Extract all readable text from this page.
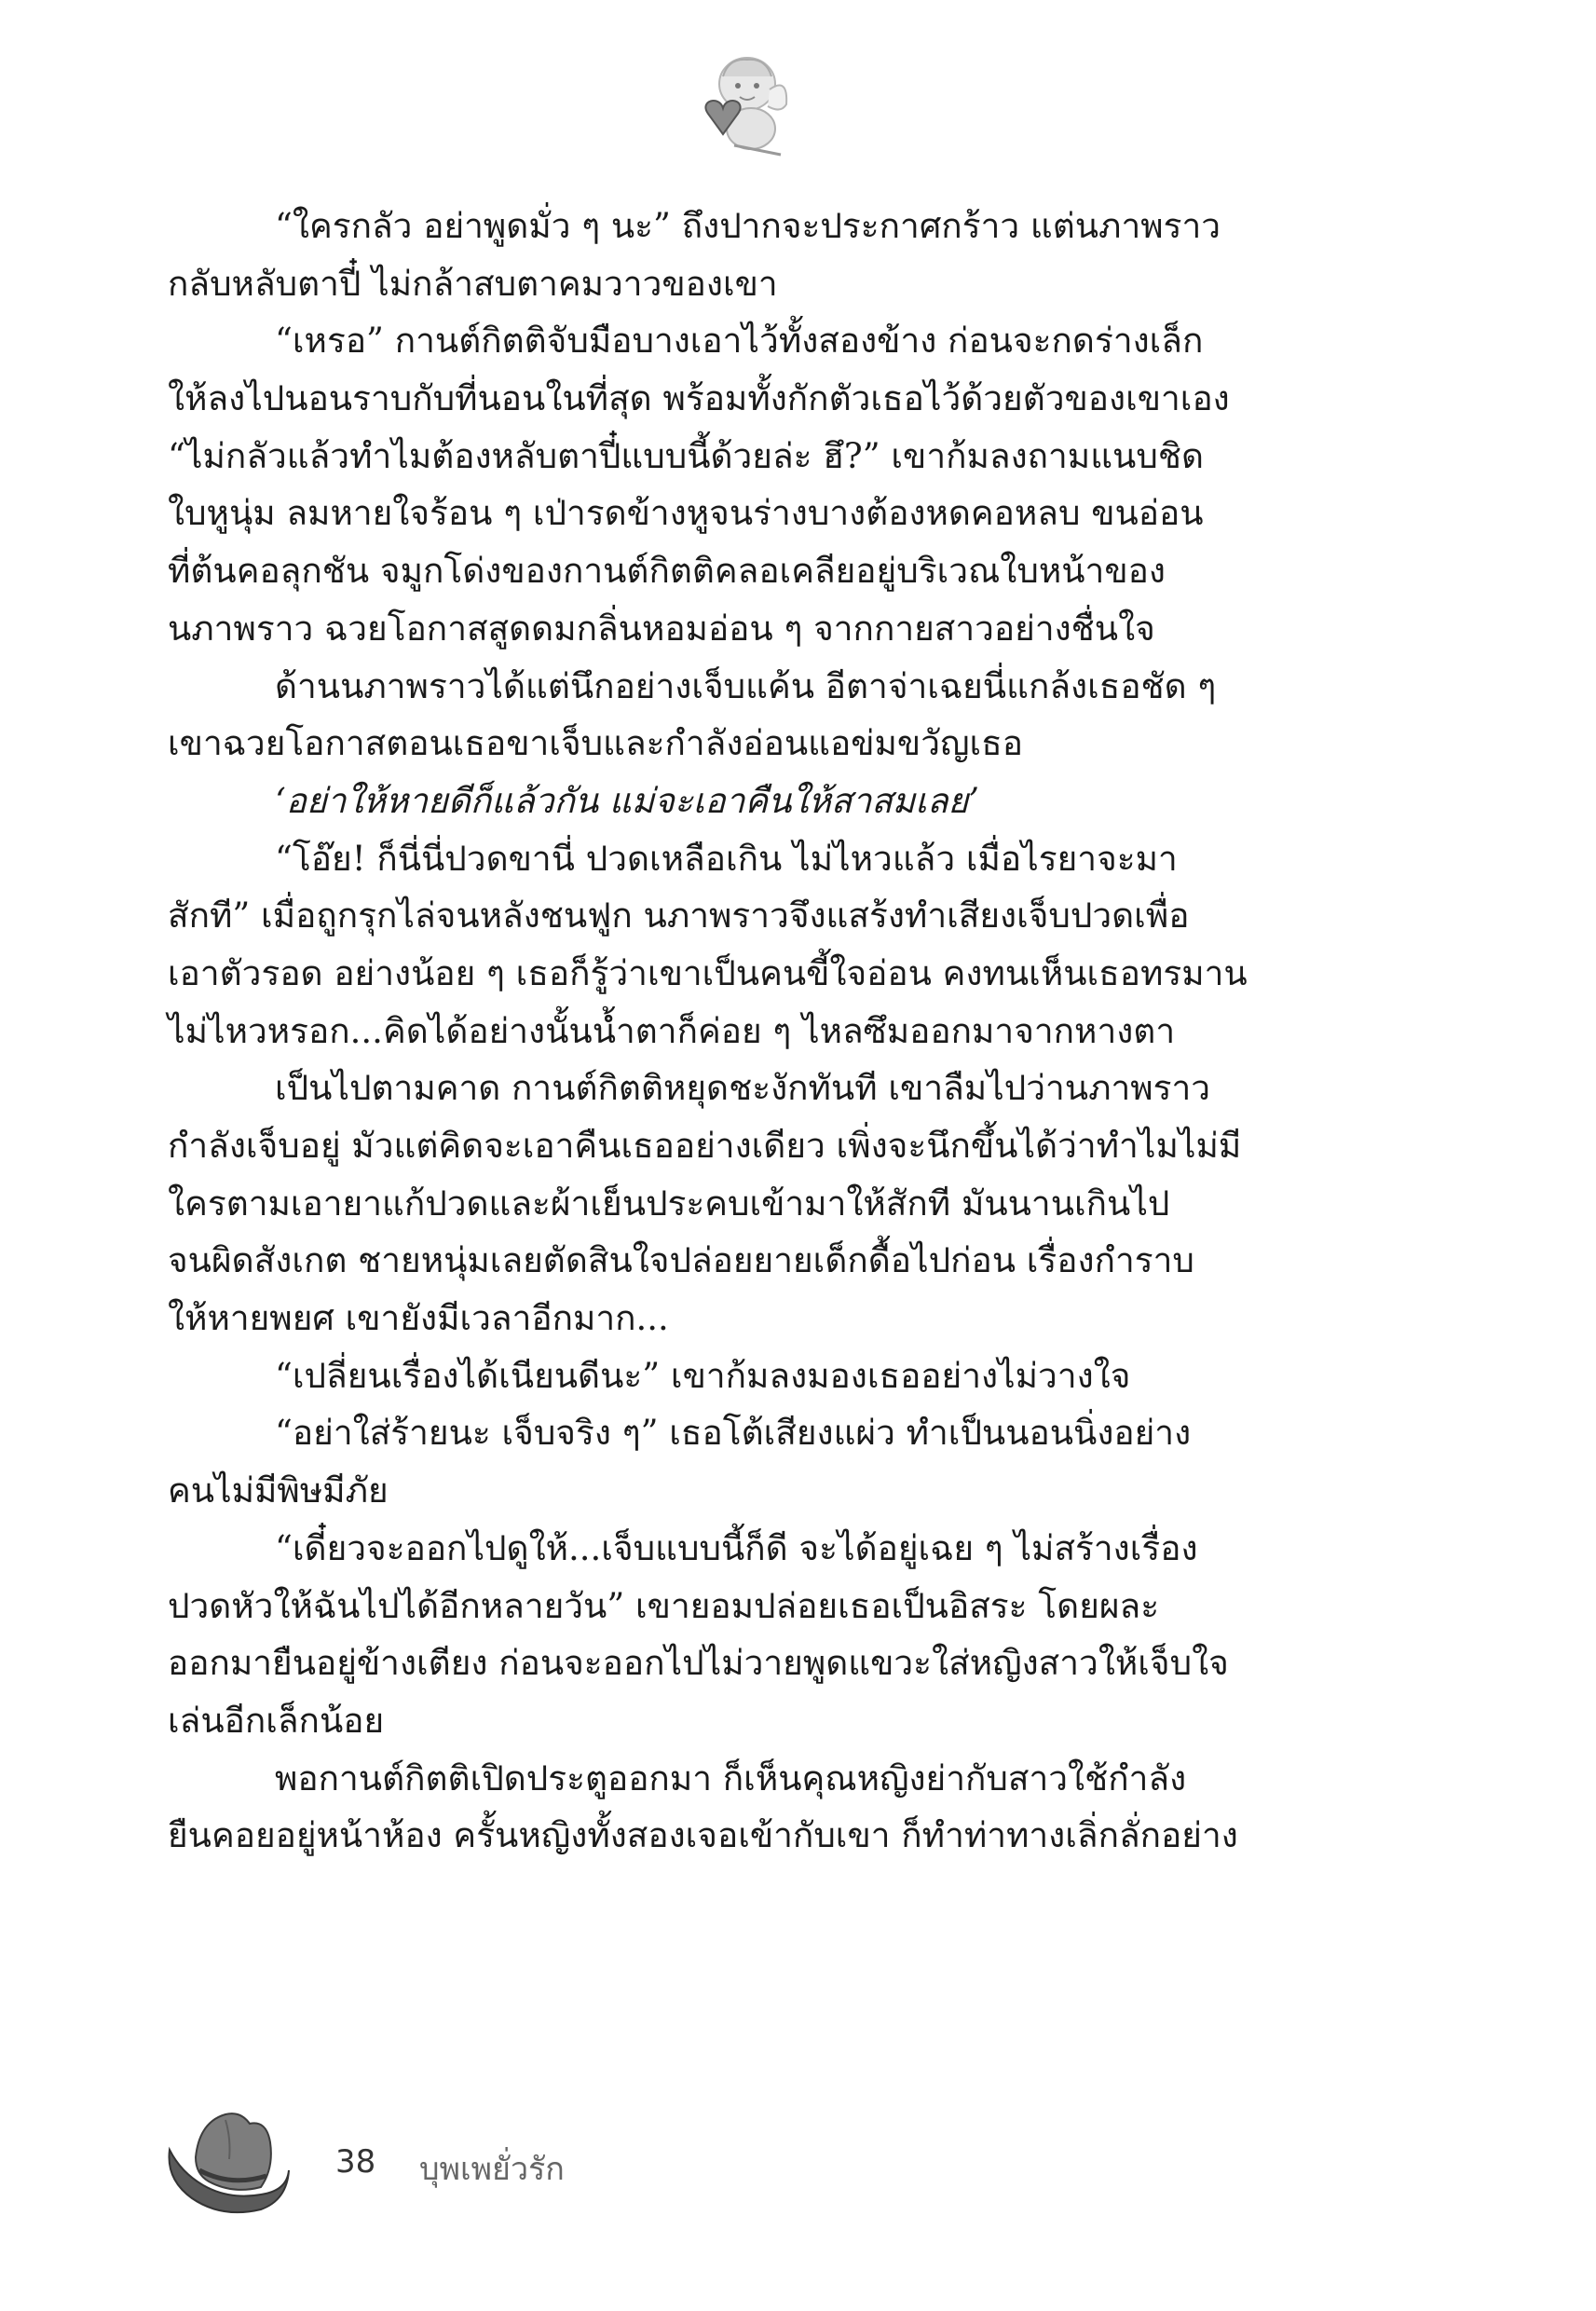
“ใครกลัว อย่าพูดมั่ว ๆ นะ” ถึงปากจะประกาศกร้าว แต่นภาพราว
กลับหลับตาปี๋ ไม่กล้าสบตาคมวาวของเขา
“เหรอ” กานต์กิตติจับมือบางเอาไว้ทั้งสองข้าง ก่อนจะกดร่างเล็ก
ให้ลงไปนอนราบกับที่นอนในที่สุด พร้อมทั้งกักตัวเธอไว้ด้วยตัวของเขาเอง
“ไม่กลัวแล้วทำไมต้องหลับตาปี๋แบบนี้ด้วยล่ะ ฮึ?” เขาก้มลงถามแนบชิด
ใบหูนุ่ม ลมหายใจร้อน ๆ เป่ารดข้างหูจนร่างบางต้องหดคอหลบ ขนอ่อน
ที่ต้นคอลุกชัน จมูกโด่งของกานต์กิตติคลอเคลียอยู่บริเวณใบหน้าของ
นภาพราว ฉวยโอกาสสูดดมกลิ่นหอมอ่อน ๆ จากกายสาวอย่างชื่นใจ
ด้านนภาพราวได้แต่นึกอย่างเจ็บแค้น อีตาจ่าเฉยนี่แกล้งเธอชัด ๆ
เขาฉวยโอกาสตอนเธอขาเจ็บและกำลังอ่อนแอข่มขวัญเธอ
‘อย่าให้หายดีก็แล้วกัน แม่จะเอาคืนให้สาสมเลย’
“โอ๊ย! ก็นี่นี่ปวดขานี่ ปวดเหลือเกิน ไม่ไหวแล้ว เมื่อไรยาจะมา
สักที” เมื่อถูกรุกไล่จนหลังชนฟูก นภาพราวจึงแสร้งทำเสียงเจ็บปวดเพื่อ
เอาตัวรอด อย่างน้อย ๆ เธอก็รู้ว่าเขาเป็นคนขี้ใจอ่อน คงทนเห็นเธอทรมาน
ไม่ไหวหรอก...คิดได้อย่างนั้นน้ำตาก็ค่อย ๆ ไหลซึมออกมาจากหางตา
เป็นไปตามคาด กานต์กิตติหยุดชะงักทันที เขาลืมไปว่านภาพราว
กำลังเจ็บอยู่ มัวแต่คิดจะเอาคืนเธออย่างเดียว เพิ่งจะนึกขึ้นได้ว่าทำไมไม่มี
ใครตามเอายาแก้ปวดและผ้าเย็นประคบเข้ามาให้สักที มันนานเกินไป
จนผิดสังเกต ชายหนุ่มเลยตัดสินใจปล่อยยายเด็กดื้อไปก่อน เรื่องกำราบ
ให้หายพยศ เขายังมีเวลาอีกมาก...
“เปลี่ยนเรื่องได้เนียนดีนะ” เขาก้มลงมองเธออย่างไม่วางใจ
“อย่าใส่ร้ายนะ เจ็บจริง ๆ” เธอโต้เสียงแผ่ว ทำเป็นนอนนิ่งอย่าง
คนไม่มีพิษมีภัย
“เดี๋ยวจะออกไปดูให้...เจ็บแบบนี้ก็ดี จะได้อยู่เฉย ๆ ไม่สร้างเรื่อง
ปวดหัวให้ฉันไปได้อีกหลายวัน” เขายอมปล่อยเธอเป็นอิสระ โดยผละ
ออกมายืนอยู่ข้างเตียง ก่อนจะออกไปไม่วายพูดแขวะใส่หญิงสาวให้เจ็บใจ
เล่นอีกเล็กน้อย
พอกานต์กิตติเปิดประตูออกมา ก็เห็นคุณหญิงย่ากับสาวใช้กำลัง
ยืนคอยอยู่หน้าห้อง ครั้นหญิงทั้งสองเจอเข้ากับเขา ก็ทำท่าทางเลิ่กลั่กอย่าง
38 บุพเพยั่วรัก
